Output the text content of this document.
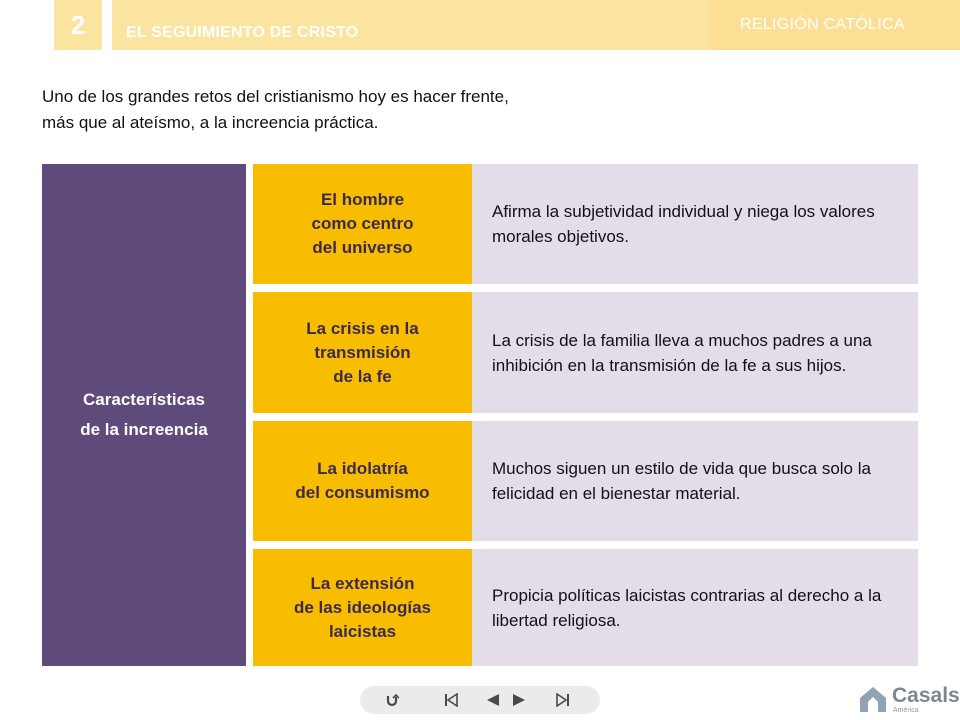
2	EL SEGUIMIENTO DE CRISTO	RELIGIÓN CATÓLICA
Uno de los grandes retos del cristianismo hoy es hacer frente,
más que al ateísmo, a la increencia práctica.
Características
de la increencia
El hombre
como centro
del universo
Afirma la subjetividad individual y niega los valores morales objetivos.
La crisis en la
transmisión
de la fe
La crisis de la familia lleva a muchos padres a una inhibición en la transmisión de la fe a sus hijos.
La idolatría
del consumismo
Muchos siguen un estilo de vida que busca solo la felicidad en el bienestar material.
La extensión
de las ideologías
laicistas
Propicia políticas laicistas contrarias al derecho a la libertad religiosa.
Casals
América
